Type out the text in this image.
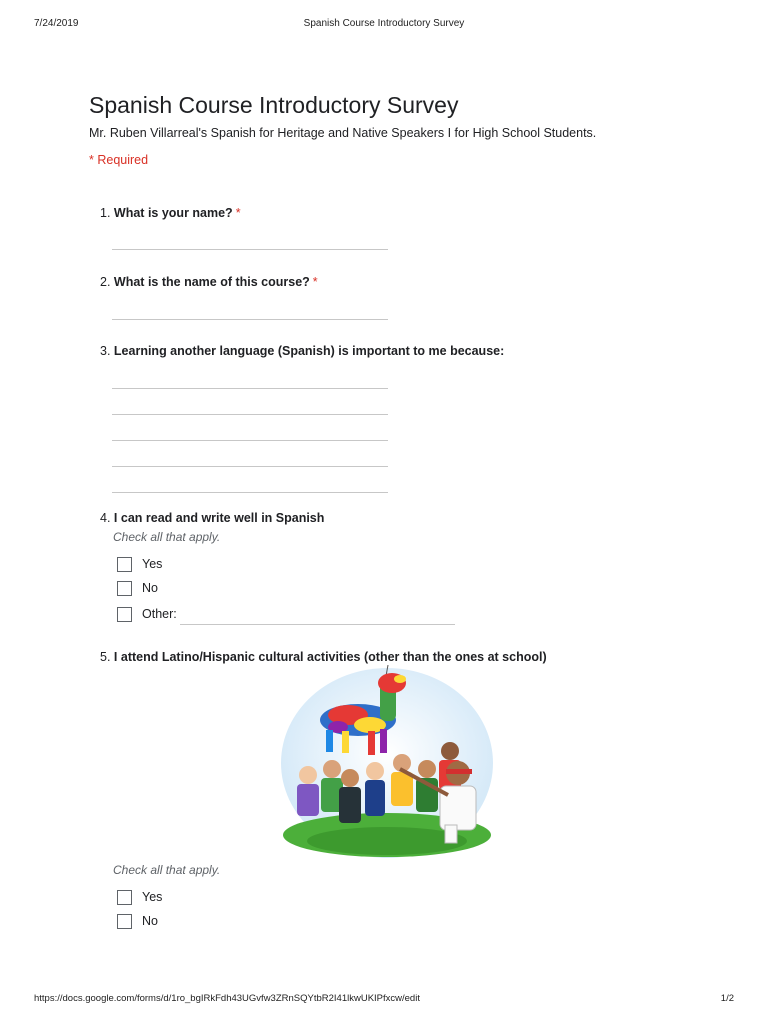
7/24/2019	Spanish Course Introductory Survey
Spanish Course Introductory Survey
Mr. Ruben Villarreal's Spanish for Heritage and Native Speakers I for High School Students.
* Required
1. What is your name? *
2. What is the name of this course? *
3. Learning another language (Spanish) is important to me because:
4. I can read and write well in Spanish
Check all that apply.
Yes
No
Other:
5. I attend Latino/Hispanic cultural activities (other than the ones at school)
Check all that apply.
Yes
No
https://docs.google.com/forms/d/1ro_bgIRkFdh43UGvfw3ZRnSQYtbR2I41lkwUKIPfxcw/edit	1/2
